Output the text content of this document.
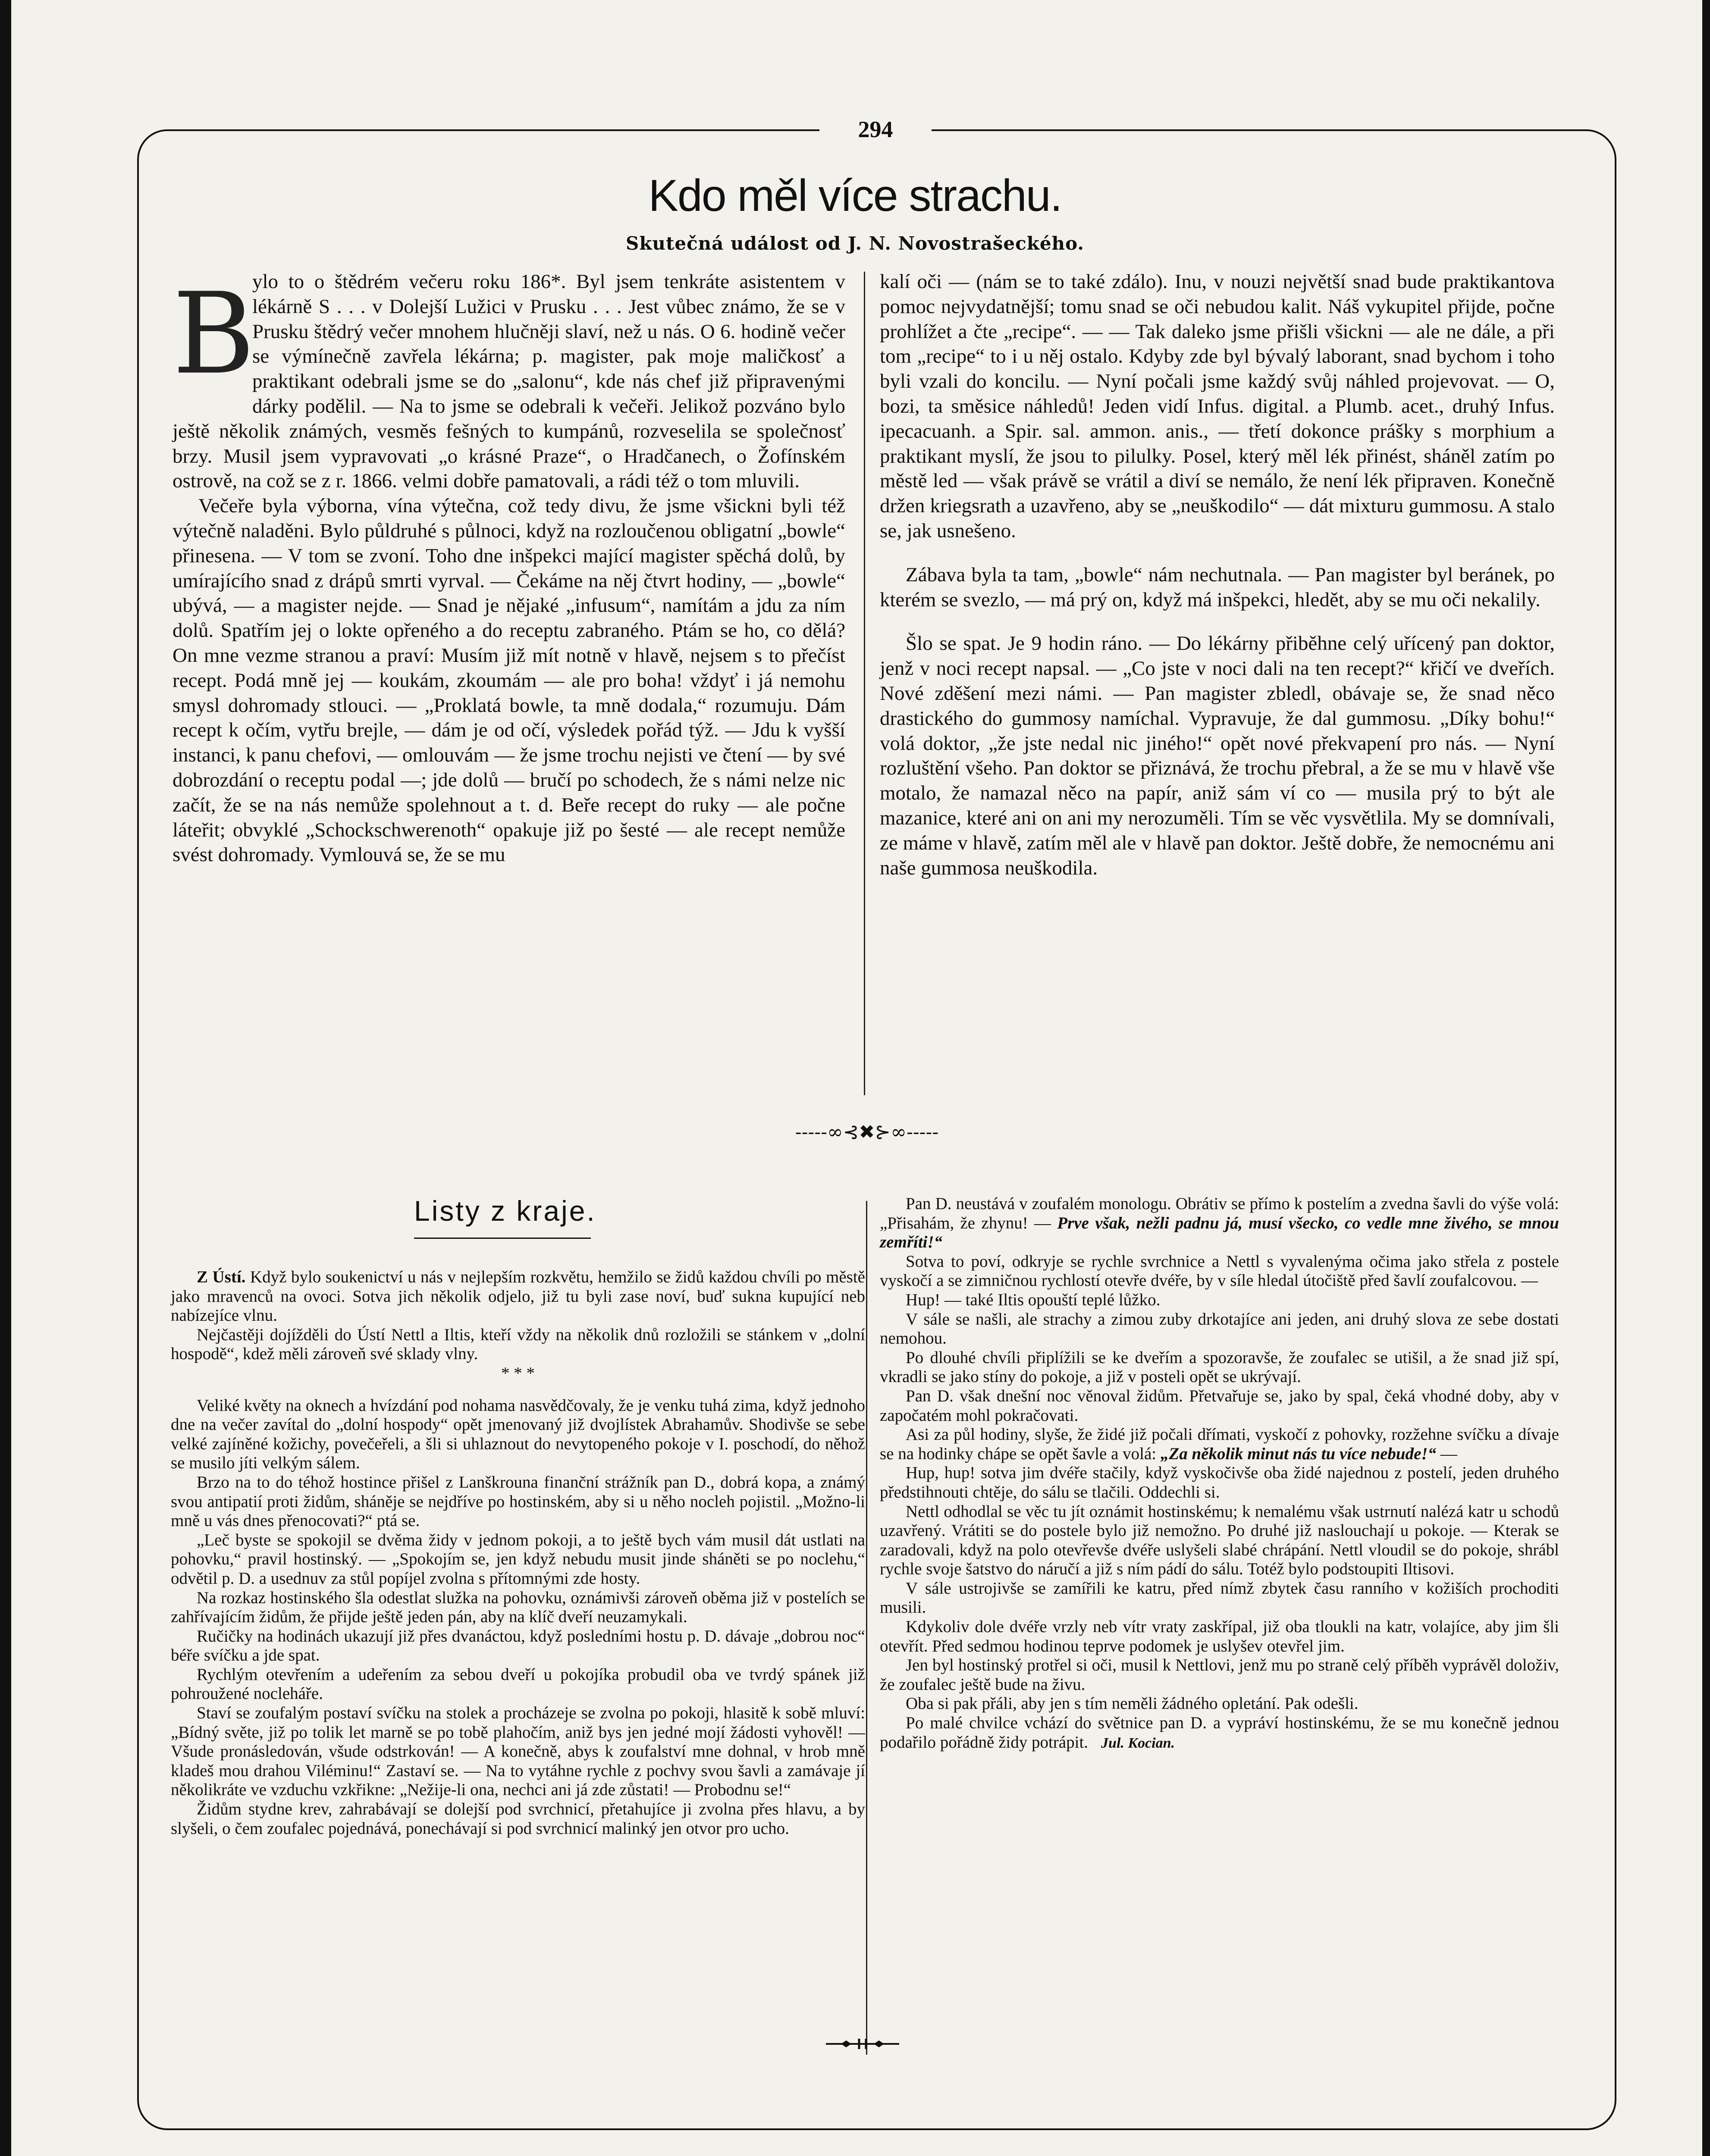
294
Kdo měl více strachu.
Skutečná událost od J. N. Novostrašeckého.
B

ylo to o štědrém večeru roku 186*. Byl jsem tenkráte asistentem v lékárně S . . . v Dolejší Lužici v Prusku . . . Jest vůbec známo, že se v Prusku štědrý večer mnohem hlučněji slaví, než u nás. O 6. hodině večer se výmínečně zavřela lékárna; p. magister, pak moje maličkosť a praktikant odebrali jsme se do „salonu“, kde nás chef již připravenými dárky podělil. — Na to jsme se odebrali k večeři. Jelikož pozváno bylo ještě několik známých, vesměs fešných to kumpánů, rozveselila se společnosť brzy. Musil jsem vypravovati „o krásné Praze“, o Hradčanech, o Žofínském ostrově, na což se z r. 1866. velmi dobře pamatovali, a rádi též o tom mluvili.

Večeře byla výborna, vína výtečna, což tedy divu, že jsme všickni byli též výtečně naladěni. Bylo půldruhé s půlnoci, když na rozloučenou obligatní „bowle“ přinesena. — V tom se zvoní. Toho dne inšpekci mající magister spěchá dolů, by umírajícího snad z drápů smrti vyrval. — Čekáme na něj čtvrt hodiny, — „bowle“ ubývá, — a magister nejde. — Snad je nějaké „infusum“, namítám a jdu za ním dolů. Spatřím jej o lokte opřeného a do receptu zabraného. Ptám se ho, co dělá? On mne vezme stranou a praví: Musím již mít notně v hlavě, nejsem s to přečíst recept. Podá mně jej — koukám, zkoumám — ale pro boha! vždyť i já nemohu smysl dohromady stlouci. — „Proklatá bowle, ta mně dodala,“ rozumuju. Dám recept k očím, vytřu brejle, — dám je od očí, výsledek pořád týž. — Jdu k vyšší instanci, k panu chefovi, — omlouvám — že jsme trochu nejisti ve čtení — by své dobrozdání o receptu podal —; jde dolů — bručí po schodech, že s námi nelze nic začít, že se na nás nemůže spolehnout a t. d. Beře recept do ruky — ale počne láteřit; obvyklé „Schockschwerenoth“ opakuje již po šesté — ale recept nemůže svést dohromady. Vymlouvá se, že se mu

kalí oči — (nám se to také zdálo). Inu, v nouzi největší snad bude praktikantova pomoc nejvydatnější; tomu snad se oči nebudou kalit. Náš vykupitel přijde, počne prohlížet a čte „recipe“. — — Tak daleko jsme přišli všickni — ale ne dále, a při tom „recipe“ to i u něj ostalo. Kdyby zde byl bývalý laborant, snad bychom i toho byli vzali do koncilu. — Nyní počali jsme každý svůj náhled projevovat. — O, bozi, ta směsice náhledů! Jeden vidí Infus. digital. a Plumb. acet., druhý Infus. ipecacuanh. a Spir. sal. ammon. anis., — třetí dokonce prášky s morphium a praktikant myslí, že jsou to pilulky. Posel, který měl lék přinést, sháněl zatím po městě led — však právě se vrátil a diví se nemálo, že není lék připraven. Konečně držen kriegsrath a uzavřeno, aby se „neuškodilo“ — dát mixturu gummosu. A stalo se, jak usnešeno.

Zábava byla ta tam, „bowle“ nám nechutnala. — Pan magister byl beránek, po kterém se svezlo, — má prý on, když má inšpekci, hledět, aby se mu oči nekalily.

Šlo se spat. Je 9 hodin ráno. — Do lékárny přiběhne celý uřícený pan doktor, jenž v noci recept napsal. — „Co jste v noci dali na ten recept?“ křičí ve dveřích. Nové zděšení mezi námi. — Pan magister zbledl, obávaje se, že snad něco drastického do gummosy namíchal. Vypravuje, že dal gummosu. „Díky bohu!“ volá doktor, „že jste nedal nic jiného!“ opět nové překvapení pro nás. — Nyní rozluštění všeho. Pan doktor se přiznává, že trochu přebral, a že se mu v hlavě vše motalo, že namazal něco na papír, aniž sám ví co — musila prý to být ale mazanice, které ani on ani my nerozuměli. Tím se věc vysvětlila. My se domnívali, ze máme v hlavě, zatím měl ale v hlavě pan doktor. Ještě dobře, že nemocnému ani naše gummosa neuškodila.

-----∞⊰✖⊱∞-----
Listy z kraje.

Z Ústí. Když bylo soukenictví u nás v nejlepším rozkvětu, hemžilo se židů každou chvíli po městě jako mravenců na ovoci. Sotva jich několik odjelo, již tu byli zase noví, buď sukna kupující neb nabízejíce vlnu.

Nejčastěji dojížděli do Ústí Nettl a Iltis, kteří vždy na několik dnů rozložili se stánkem v „dolní hospodě“, kdež měli zároveň své sklady vlny.

* * *

Veliké květy na oknech a hvízdání pod nohama nasvědčovaly, že je venku tuhá zima, když jednoho dne na večer zavítal do „dolní hospody“ opět jmenovaný již dvojlístek Abrahamův. Shodivše se sebe velké zajíněné kožichy, povečeřeli, a šli si uhlaznout do nevytopeného pokoje v I. poschodí, do něhož se musilo jíti velkým sálem.

Brzo na to do téhož hostince přišel z Lanškrouna finanční strážník pan D., dobrá kopa, a známý svou antipatií proti židům, sháněje se nejdříve po hostinském, aby si u něho nocleh pojistil. „Možno-li mně u vás dnes přenocovati?“ ptá se.

„Leč byste se spokojil se dvěma židy v jednom pokoji, a to ještě bych vám musil dát ustlati na pohovku,“ pravil hostinský. — „Spokojím se, jen když nebudu musit jinde sháněti se po noclehu,“ odvětil p. D. a usednuv za stůl popíjel zvolna s přítomnými zde hosty.

Na rozkaz hostinského šla odestlat služka na pohovku, oznámivši zároveň oběma již v postelích se zahřívajícím židům, že přijde ještě jeden pán, aby na klíč dveří neuzamykali.

Ručičky na hodinách ukazují již přes dvanáctou, když posledními hostu p. D. dávaje „dobrou noc“ béře svíčku a jde spat.

Rychlým otevřením a udeřením za sebou dveří u pokojíka probudil oba ve tvrdý spánek již pohroužené nocleháře.

Staví se zoufalým postaví svíčku na stolek a procházeje se zvolna po pokoji, hlasitě k sobě mluví: „Bídný světe, již po tolik let marně se po tobě plahočím, aniž bys jen jedné mojí žádosti vyhověl! — Všude pronásledován, všude odstrkován! — A konečně, abys k zoufalství mne dohnal, v hrob mně kladeš mou drahou Viléminu!“ Zastaví se. — Na to vytáhne rychle z pochvy svou šavli a zamávaje jí několikráte ve vzduchu vzkřikne: „Nežije-li ona, nechci ani já zde zůstati! — Probodnu se!“

Židům stydne krev, zahrabávají se dolejší pod svrchnicí, přetahujíce ji zvolna přes hlavu, a by slyšeli, o čem zoufalec pojednává, ponechávají si pod svrchnicí malinký jen otvor pro ucho.

Pan D. neustává v zoufalém monologu. Obrátiv se přímo k postelím a zvedna šavli do výše volá: „Přisahám, že zhynu! — Prve však, nežli padnu já, musí všecko, co vedle mne živého, se mnou zemříti!“

Sotva to poví, odkryje se rychle svrchnice a Nettl s vyvalenýma očima jako střela z postele vyskočí a se zimničnou rychlostí otevře dvéře, by v síle hledal útočiště před šavlí zoufalcovou. —

Hup! — také Iltis opouští teplé lůžko.

V sále se našli, ale strachy a zimou zuby drkotajíce ani jeden, ani druhý slova ze sebe dostati nemohou.

Po dlouhé chvíli připlížili se ke dveřím a spozoravše, že zoufalec se utišil, a že snad již spí, vkradli se jako stíny do pokoje, a již v posteli opět se ukrývají.

Pan D. však dnešní noc věnoval židům. Přetvařuje se, jako by spal, čeká vhodné doby, aby v započatém mohl pokračovati.

Asi za půl hodiny, slyše, že židé již počali dřímati, vyskočí z pohovky, rozžehne svíčku a dívaje se na hodinky chápe se opět šavle a volá: „Za několik minut nás tu více nebude!“ —

Hup, hup! sotva jim dvéře stačily, když vyskočivše oba židé najednou z postelí, jeden druhého předstihnouti chtěje, do sálu se tlačili. Oddechli si.

Nettl odhodlal se věc tu jít oznámit hostinskému; k nemalému však ustrnutí nalézá katr u schodů uzavřený. Vrátiti se do postele bylo již nemožno. Po druhé již naslouchají u pokoje. — Kterak se zaradovali, když na polo otevřevše dvéře uslyšeli slabé chrápání. Nettl vloudil se do pokoje, shrábl rychle svoje šatstvo do náručí a již s ním pádí do sálu. Totéž bylo podstoupiti Iltisovi.

V sále ustrojivše se zamířili ke katru, před nímž zbytek času ranního v kožiších prochoditi musili.

Kdykoliv dole dvéře vrzly neb vítr vraty zaskřípal, již oba tloukli na katr, volajíce, aby jim šli otevřít. Před sedmou hodinou teprve podomek je uslyšev otevřel jim.

Jen byl hostinský protřel si oči, musil k Nettlovi, jenž mu po straně celý příběh vyprávěl doloživ, že zoufalec ještě bude na živu.

Oba si pak přáli, aby jen s tím neměli žádného opletání. Pak odešli.

Po malé chvilce vchází do světnice pan D. a vypráví hostinskému, že se mu konečně jednou podařilo pořádně židy potrápit. Jul. Kocian.
